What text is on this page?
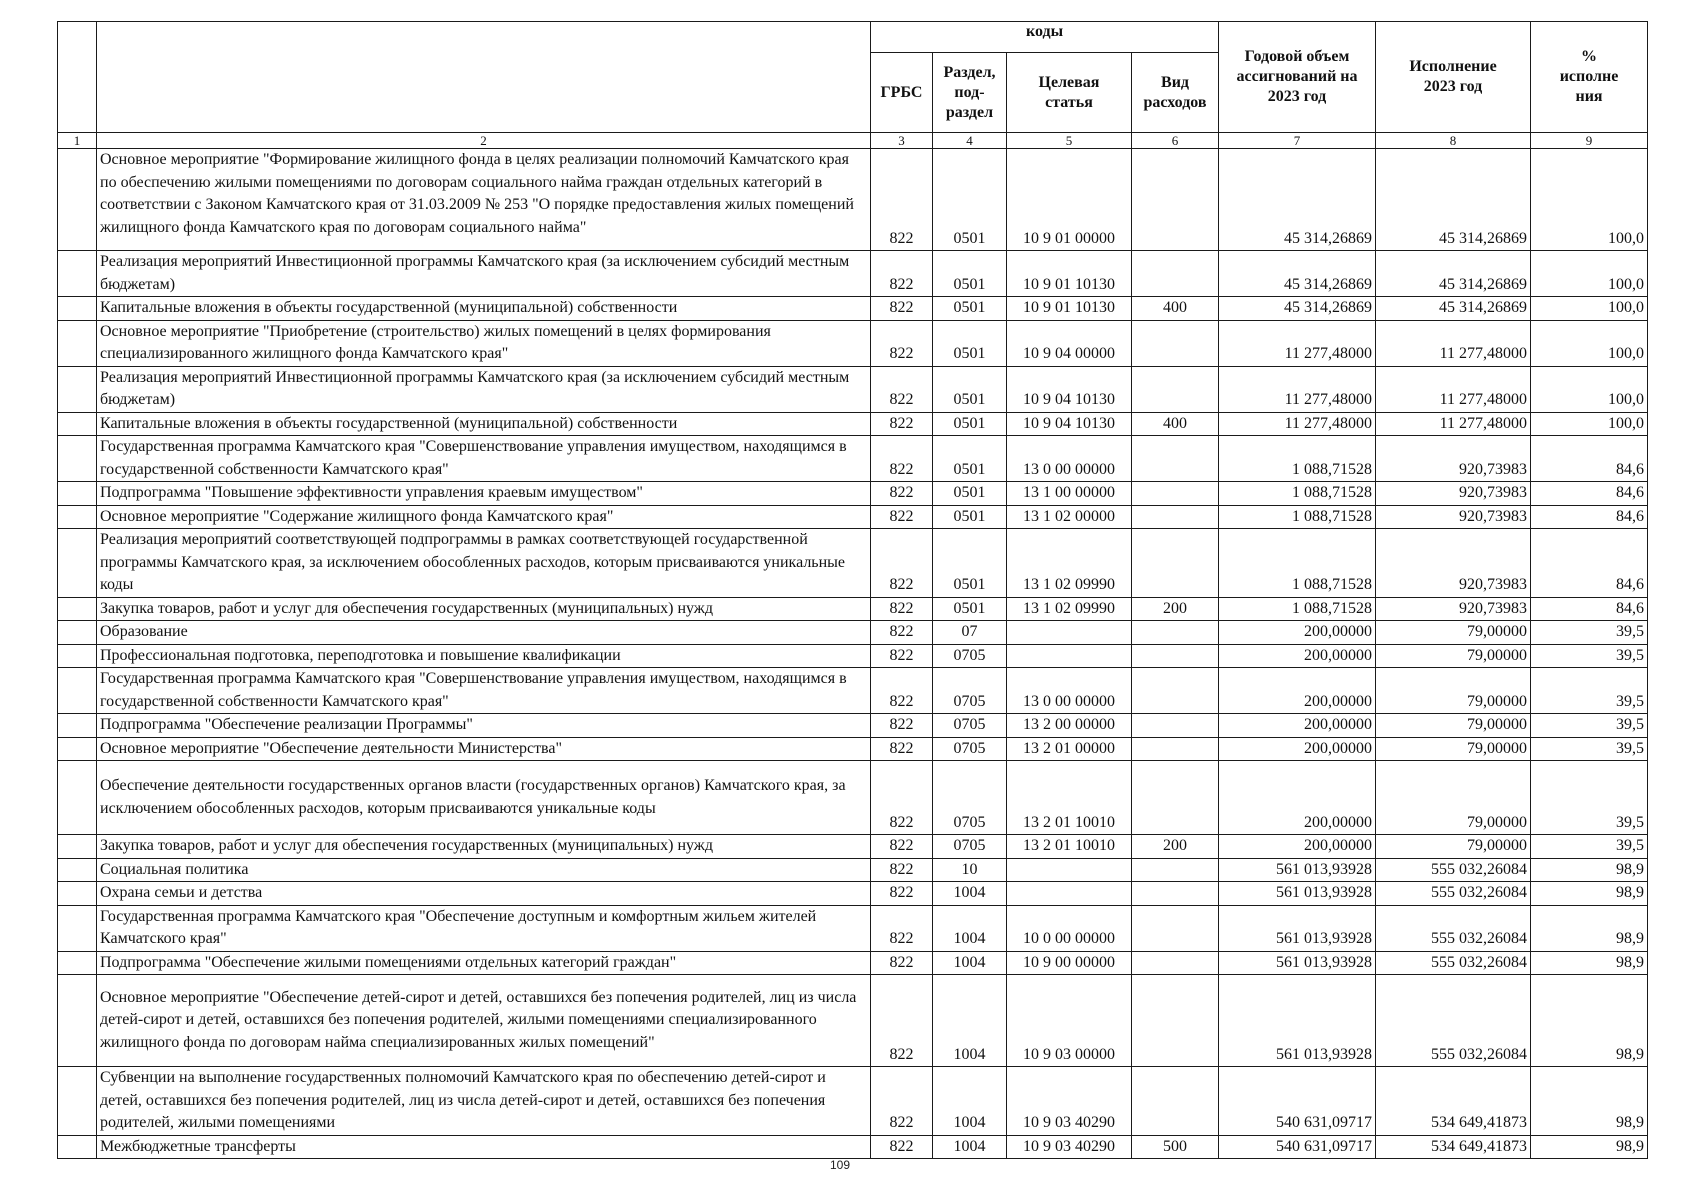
		коды				Годовой объем
ассигнований на
2023 год	Исполнение
2023 год	%
исполне
ния
		ГРБС	Раздел,
под-
раздел	Целевая
статья	Вид
расходов			
1	2	3	4	5	6	7	8	9
	Основное мероприятие "Формирование жилищного фонда в целях реализации полномочий Камчатского края по обеспечению жилыми помещениями по договорам социального найма граждан отдельных категорий в соответствии с Законом Камчатского края от 31.03.2009 № 253 "О порядке предоставления жилых помещений жилищного фонда Камчатского края по договорам социального найма"	822	0501	10 9 01 00000		45 314,26869	45 314,26869	100,0
	Реализация мероприятий Инвестиционной программы Камчатского края (за исключением субсидий местным бюджетам)	822	0501	10 9 01 10130		45 314,26869	45 314,26869	100,0
	Капитальные вложения в объекты государственной (муниципальной) собственности	822	0501	10 9 01 10130	400	45 314,26869	45 314,26869	100,0
	Основное мероприятие "Приобретение (строительство) жилых помещений в целях формирования специализированного жилищного фонда Камчатского края"	822	0501	10 9 04 00000		11 277,48000	11 277,48000	100,0
	Реализация мероприятий Инвестиционной программы Камчатского края (за исключением субсидий местным бюджетам)	822	0501	10 9 04 10130		11 277,48000	11 277,48000	100,0
	Капитальные вложения в объекты государственной (муниципальной) собственности	822	0501	10 9 04 10130	400	11 277,48000	11 277,48000	100,0
	Государственная программа Камчатского края "Совершенствование управления имуществом, находящимся в государственной собственности Камчатского края"	822	0501	13 0 00 00000		1 088,71528	920,73983	84,6
	Подпрограмма "Повышение эффективности управления краевым имуществом"	822	0501	13 1 00 00000		1 088,71528	920,73983	84,6
	Основное мероприятие "Содержание жилищного фонда Камчатского края"	822	0501	13 1 02 00000		1 088,71528	920,73983	84,6
	Реализация мероприятий соответствующей подпрограммы в рамках соответствующей государственной программы Камчатского края, за исключением обособленных расходов, которым присваиваются уникальные коды	822	0501	13 1 02 09990		1 088,71528	920,73983	84,6
	Закупка товаров, работ и услуг для обеспечения государственных (муниципальных) нужд	822	0501	13 1 02 09990	200	1 088,71528	920,73983	84,6
	Образование	822	07			200,00000	79,00000	39,5
	Профессиональная подготовка, переподготовка и повышение квалификации	822	0705			200,00000	79,00000	39,5
	Государственная программа Камчатского края "Совершенствование управления имуществом, находящимся в государственной собственности Камчатского края"	822	0705	13 0 00 00000		200,00000	79,00000	39,5
	Подпрограмма "Обеспечение реализации Программы"	822	0705	13 2 00 00000		200,00000	79,00000	39,5
	Основное мероприятие "Обеспечение деятельности Министерства"	822	0705	13 2 01 00000		200,00000	79,00000	39,5
	Обеспечение деятельности государственных органов власти (государственных органов) Камчатского края, за исключением обособленных расходов, которым присваиваются уникальные коды	822	0705	13 2 01 10010		200,00000	79,00000	39,5
	Закупка товаров, работ и услуг для обеспечения государственных (муниципальных) нужд	822	0705	13 2 01 10010	200	200,00000	79,00000	39,5
	Социальная политика	822	10			561 013,93928	555 032,26084	98,9
	Охрана семьи и детства	822	1004			561 013,93928	555 032,26084	98,9
	Государственная программа Камчатского края "Обеспечение доступным и комфортным жильем жителей Камчатского края"	822	1004	10 0 00 00000		561 013,93928	555 032,26084	98,9
	Подпрограмма "Обеспечение жилыми помещениями отдельных категорий граждан"	822	1004	10 9 00 00000		561 013,93928	555 032,26084	98,9
	Основное мероприятие "Обеспечение детей-сирот и детей, оставшихся без попечения родителей, лиц из числа детей-сирот и детей, оставшихся без попечения родителей, жилыми помещениями специализированного жилищного фонда по договорам найма специализированных жилых помещений"	822	1004	10 9 03 00000		561 013,93928	555 032,26084	98,9
	Субвенции на выполнение государственных полномочий Камчатского края по обеспечению детей-сирот и детей, оставшихся без попечения родителей, лиц из числа детей-сирот и детей, оставшихся без попечения родителей, жилыми помещениями	822	1004	10 9 03 40290		540 631,09717	534 649,41873	98,9
	Межбюджетные трансферты	822	1004	10 9 03 40290	500	540 631,09717	534 649,41873	98,9
109
